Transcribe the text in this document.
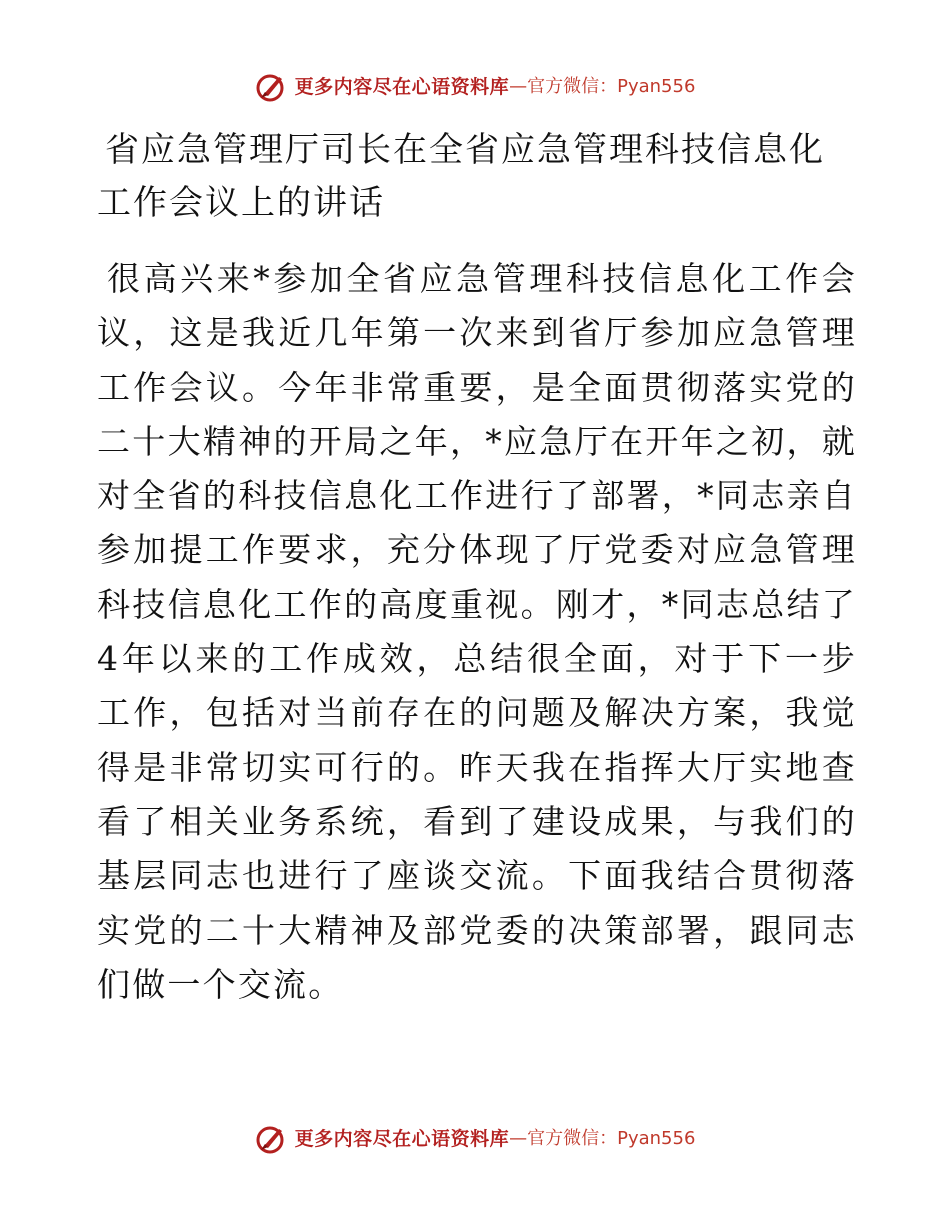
更多内容尽在心语资料库 —官方微信：Pyan556
省应急管理厅司长在全省应急管理科技信息化工作会议上的讲话

很高兴来*参加全省应急管理科技信息化工作会议，这是我近几年第一次来到省厅参加应急管理工作会议。今年非常重要，是全面贯彻落实党的二十大精神的开局之年，*应急厅在开年之初，就对全省的科技信息化工作进行了部署，*同志亲自参加提工作要求，充分体现了厅党委对应急管理科技信息化工作的高度重视。刚才，*同志总结了4年以来的工作成效，总结很全面，对于下一步工作，包括对当前存在的问题及解决方案，我觉得是非常切实可行的。昨天我在指挥大厅实地查看了相关业务系统，看到了建设成果，与我们的基层同志也进行了座谈交流。下面我结合贯彻落实党的二十大精神及部党委的决策部署，跟同志们做一个交流。

更多内容尽在心语资料库 —官方微信：Pyan556
